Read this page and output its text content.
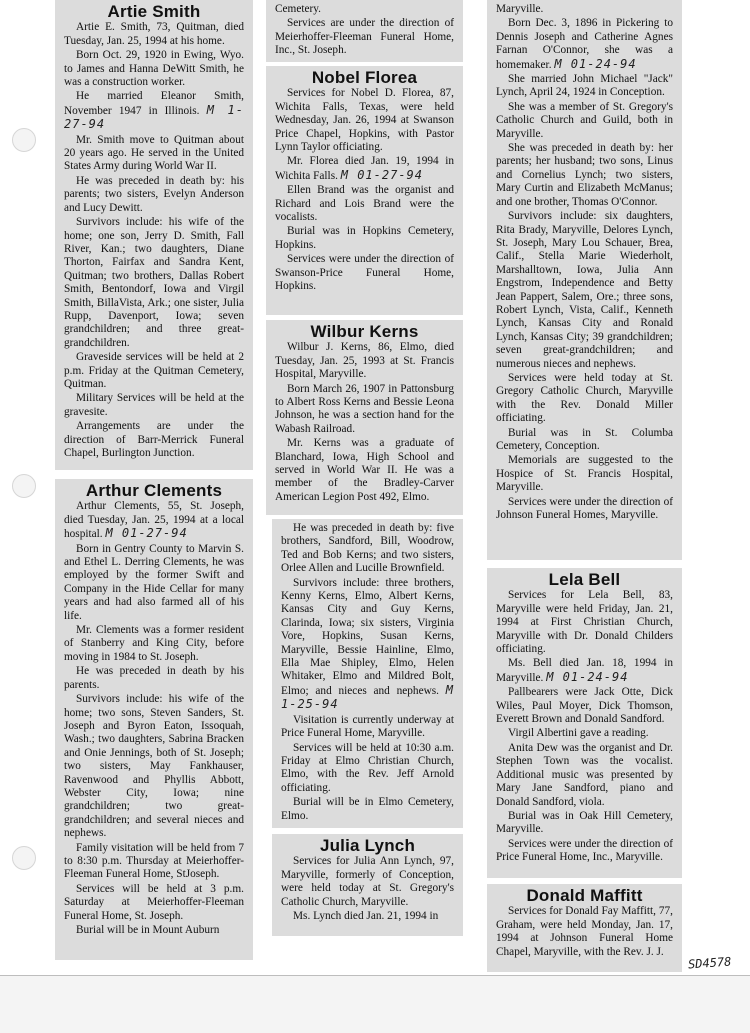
Artie Smith

Artie E. Smith, 73, Quitman, died Tuesday, Jan. 25, 1994 at his home.

Born Oct. 29, 1920 in Ewing, Wyo. to James and Hanna DeWitt Smith, he was a construction worker.

He married Eleanor Smith, November 1947 in Illinois. M 1-27-94

Mr. Smith move to Quitman about 20 years ago. He served in the United States Army during World War II.

He was preceded in death by: his parents; two sisters, Evelyn Anderson and Lucy Dewitt.

Survivors include: his wife of the home; one son, Jerry D. Smith, Fall River, Kan.; two daughters, Diane Thorton, Fairfax and Sandra Kent, Quitman; two brothers, Dallas Robert Smith, Bentondorf, Iowa and Virgil Smith, BillaVista, Ark.; one sister, Julia Rupp, Davenport, Iowa; seven grandchildren; and three great-grandchildren.

Graveside services will be held at 2 p.m. Friday at the Quitman Cemetery, Quitman.

Military Services will be held at the gravesite.

Arrangements are under the direction of Barr-Merrick Funeral Chapel, Burlington Junction.

Arthur Clements

Arthur Clements, 55, St. Joseph, died Tuesday, Jan. 25, 1994 at a local hospital. M 01-27-94

Born in Gentry County to Marvin S. and Ethel L. Derring Clements, he was employed by the former Swift and Company in the Hide Cellar for many years and had also farmed all of his life.

Mr. Clements was a former resident of Stanberry and King City, before moving in 1984 to St. Joseph.

He was preceded in death by his parents.

Survivors include: his wife of the home; two sons, Steven Sanders, St. Joseph and Byron Eaton, Issoquah, Wash.; two daughters, Sabrina Bracken and Onie Jennings, both of St. Joseph; two sisters, May Fankhauser, Ravenwood and Phyllis Abbott, Webster City, Iowa; nine grandchildren; two great-grandchildren; and several nieces and nephews.

Family visitation will be held from 7 to 8:30 p.m. Thursday at Meierhoffer-Fleeman Funeral Home, StJoseph.

Services will be held at 3 p.m. Saturday at Meierhoffer-Fleeman Funeral Home, St. Joseph.

Burial will be in Mount Auburn

Cemetery.

Services are under the direction of Meierhoffer-Fleeman Funeral Home, Inc., St. Joseph.

Nobel Florea

Services for Nobel D. Florea, 87, Wichita Falls, Texas, were held Wednesday, Jan. 26, 1994 at Swanson Price Chapel, Hopkins, with Pastor Lynn Taylor officiating.

Mr. Florea died Jan. 19, 1994 in Wichita Falls. M 01-27-94

Ellen Brand was the organist and Richard and Lois Brand were the vocalists.

Burial was in Hopkins Cemetery, Hopkins.

Services were under the direction of Swanson-Price Funeral Home, Hopkins.

Wilbur Kerns

Wilbur J. Kerns, 86, Elmo, died Tuesday, Jan. 25, 1993 at St. Francis Hospital, Maryville.

Born March 26, 1907 in Pattonsburg to Albert Ross Kerns and Bessie Leona Johnson, he was a section hand for the Wabash Railroad.

Mr. Kerns was a graduate of Blanchard, Iowa, High School and served in World War II. He was a member of the Bradley-Carver American Legion Post 492, Elmo.

He was preceded in death by: five brothers, Sandford, Bill, Woodrow, Ted and Bob Kerns; and two sisters, Orlee Allen and Lucille Brownfield.

Survivors include: three brothers, Kenny Kerns, Elmo, Albert Kerns, Kansas City and Guy Kerns, Clarinda, Iowa; six sisters, Virginia Vore, Hopkins, Susan Kerns, Maryville, Bessie Hainline, Elmo, Ella Mae Shipley, Elmo, Helen Whitaker, Elmo and Mildred Bolt, Elmo; and nieces and nephews. M 1-25-94

Visitation is currently underway at Price Funeral Home, Maryville.

Services will be held at 10:30 a.m. Friday at Elmo Christian Church, Elmo, with the Rev. Jeff Arnold officiating.

Burial will be in Elmo Cemetery, Elmo.

Julia Lynch

Services for Julia Ann Lynch, 97, Maryville, formerly of Conception, were held today at St. Gregory's Catholic Church, Maryville.

Ms. Lynch died Jan. 21, 1994 in

Maryville.

Born Dec. 3, 1896 in Pickering to Dennis Joseph and Catherine Agnes Farnan O'Connor, she was a homemaker. M 01-24-94

She married John Michael "Jack" Lynch, April 24, 1924 in Conception.

She was a member of St. Gregory's Catholic Church and Guild, both in Maryville.

She was preceded in death by: her parents; her husband; two sons, Linus and Cornelius Lynch; two sisters, Mary Curtin and Elizabeth McManus; and one brother, Thomas O'Connor.

Survivors include: six daughters, Rita Brady, Maryville, Delores Lynch, St. Joseph, Mary Lou Schauer, Brea, Calif., Stella Marie Wiederholt, Marshalltown, Iowa, Julia Ann Engstrom, Independence and Betty Jean Pappert, Salem, Ore.; three sons, Robert Lynch, Vista, Calif., Kenneth Lynch, Kansas City and Ronald Lynch, Kansas City; 39 grandchildren; seven great-grandchildren; and numerous nieces and nephews.

Services were held today at St. Gregory Catholic Church, Maryville with the Rev. Donald Miller officiating.

Burial was in St. Columba Cemetery, Conception.

Memorials are suggested to the Hospice of St. Francis Hospital, Maryville.

Services were under the direction of Johnson Funeral Homes, Maryville.

Lela Bell

Services for Lela Bell, 83, Maryville were held Friday, Jan. 21, 1994 at First Christian Church, Maryville with Dr. Donald Childers officiating.

Ms. Bell died Jan. 18, 1994 in Maryville. M 01-24-94

Pallbearers were Jack Otte, Dick Wiles, Paul Moyer, Dick Thomson, Everett Brown and Donald Sandford.

Virgil Albertini gave a reading.

Anita Dew was the organist and Dr. Stephen Town was the vocalist. Additional music was presented by Mary Jane Sandford, piano and Donald Sandford, viola.

Burial was in Oak Hill Cemetery, Maryville.

Services were under the direction of Price Funeral Home, Inc., Maryville.

Donald Maffitt

Services for Donald Fay Maffitt, 77, Graham, were held Monday, Jan. 17, 1994 at Johnson Funeral Home Chapel, Maryville, with the Rev. J. J.

SD4578
